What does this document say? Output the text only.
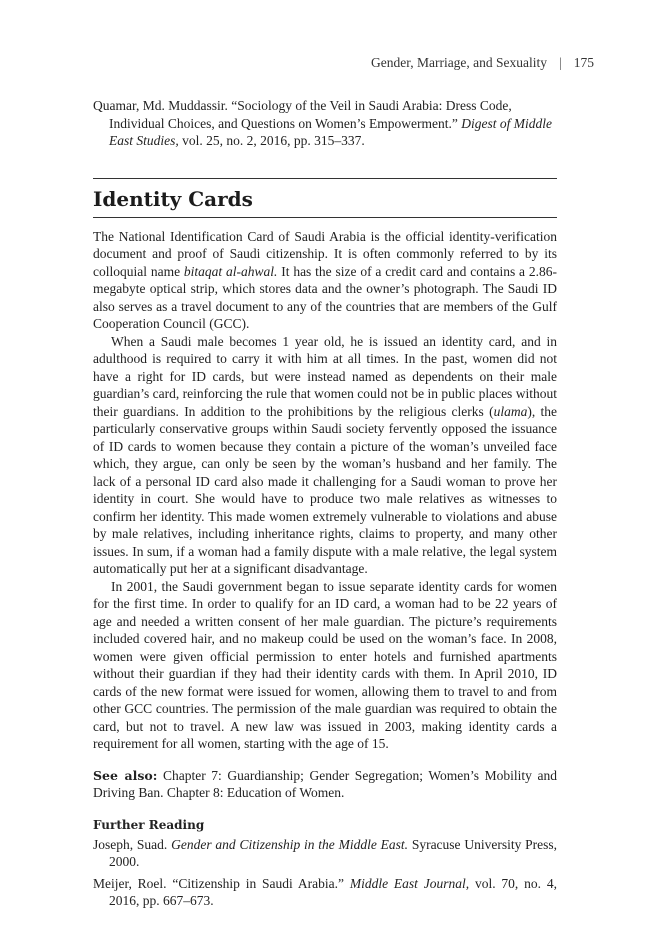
Gender, Marriage, and Sexuality | 175

Quamar, Md. Muddassir. “Sociology of the Veil in Saudi Arabia: Dress Code, Individual Choices, and Questions on Women’s Empowerment.” Digest of Middle East Studies, vol. 25, no. 2, 2016, pp. 315–337.

Identity Cards

The National Identification Card of Saudi Arabia is the official identity-verification document and proof of Saudi citizenship. It is often commonly referred to by its colloquial name bitaqat al-ahwal. It has the size of a credit card and contains a 2.86-megabyte optical strip, which stores data and the owner’s photograph. The Saudi ID also serves as a travel document to any of the countries that are members of the Gulf Cooperation Council (GCC).

When a Saudi male becomes 1 year old, he is issued an identity card, and in adulthood is required to carry it with him at all times. In the past, women did not have a right for ID cards, but were instead named as dependents on their male guardian’s card, reinforcing the rule that women could not be in public places without their guardians. In addition to the prohibitions by the religious clerks (ulama), the particularly conservative groups within Saudi society fervently opposed the issuance of ID cards to women because they contain a picture of the woman’s unveiled face which, they argue, can only be seen by the woman’s husband and her family. The lack of a personal ID card also made it challenging for a Saudi woman to prove her identity in court. She would have to produce two male relatives as witnesses to confirm her identity. This made women extremely vulnerable to violations and abuse by male relatives, including inheritance rights, claims to property, and many other issues. In sum, if a woman had a family dispute with a male relative, the legal system automatically put her at a significant disadvantage.

In 2001, the Saudi government began to issue separate identity cards for women for the first time. In order to qualify for an ID card, a woman had to be 22 years of age and needed a written consent of her male guardian. The picture’s requirements included covered hair, and no makeup could be used on the woman’s face. In 2008, women were given official permission to enter hotels and furnished apartments without their guardian if they had their identity cards with them. In April 2010, ID cards of the new format were issued for women, allowing them to travel to and from other GCC countries. The permission of the male guardian was required to obtain the card, but not to travel. A new law was issued in 2003, making identity cards a requirement for all women, starting with the age of 15.

See also: Chapter 7: Guardianship; Gender Segregation; Women’s Mobility and Driving Ban. Chapter 8: Education of Women.

Further Reading

Joseph, Suad. Gender and Citizenship in the Middle East. Syracuse University Press, 2000.

Meijer, Roel. “Citizenship in Saudi Arabia.” Middle East Journal, vol. 70, no. 4, 2016, pp. 667–673.
